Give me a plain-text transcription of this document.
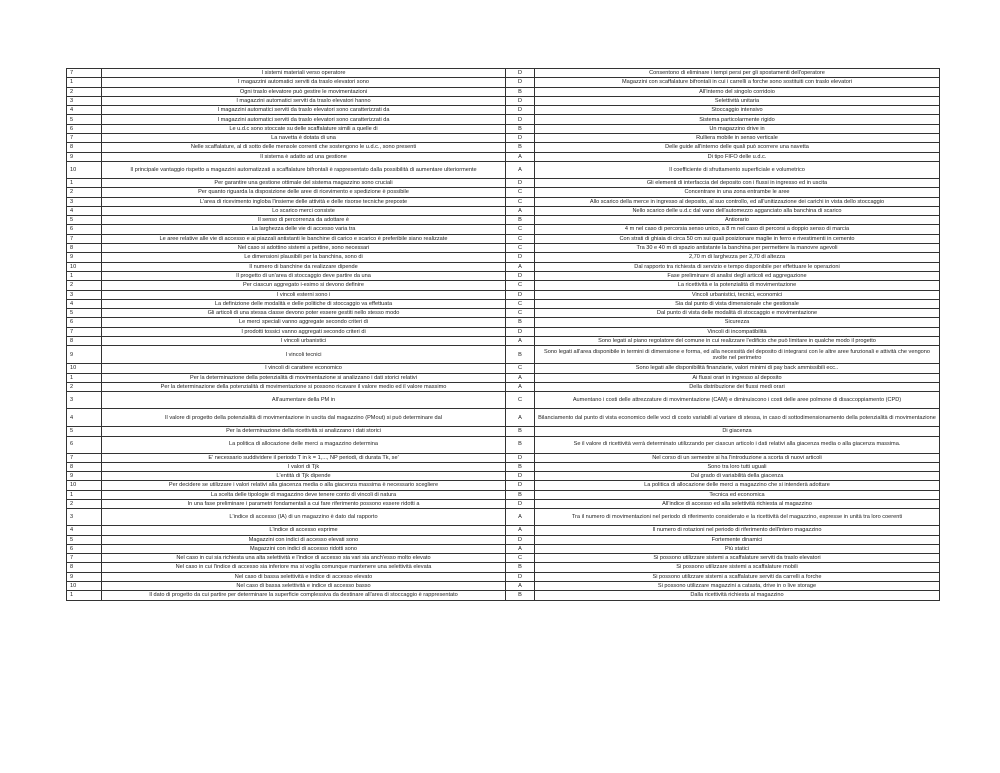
7	I sistemi materiali verso operatore	D	Consentono di eliminare i tempi persi per gli spostamenti dell'operatore
1	I magazzini automatici serviti da traslo elevatori sono	D	Magazzini con scaffalature bifrontali in cui i carrelli a forche sono sostituiti con traslo elevatori
2	Ogni traslo elevatore può gestire le movimentazioni	B	All'interno del singolo corridoio
3	I magazzini automatici serviti da traslo elevatori hanno	D	Selettività unitaria
4	I magazzini automatici serviti da traslo elevatori sono caratterizzati da	D	Stoccaggio intensivo
5	I magazzini automatici serviti da traslo elevatori sono caratterizzati da	D	Sistema particolarmente rigido
6	Le u.d.c sono stoccate su delle scaffalature simili a quelle di	B	Un magazzino drive in
7	La navetta è dotata di una	D	Rulliera mobile in senso verticale
8	Nelle scaffalature, al di sotto delle mensole correnti che sostengono le u.d.c., sono presenti	B	Delle guide all'interno delle quali può scorrere una navetta
9	Il sistema è adatto ad una gestione	A	Di tipo FIFO delle u.d.c.
10	Il principale vantaggio rispetto a magazzini automatizzati a scaffalature bifrontali è rappresentato dalla possibilità di aumentare ulteriormente	A	Il coefficiente di sfruttamento superficiale e volumetrico
1	Per garantire una gestione ottimale del sistema magazzino sono cruciali	D	Gli elementi di interfaccia del deposito con i flussi in ingresso ed in uscita
2	Per quanto riguarda la disposizione delle aree di ricevimento e spedizione è possibile	C	Concentrare in una zona entrambe le aree
3	L'area di ricevimento ingloba l'insieme delle attività e delle risorse tecniche preposte	C	Allo scarico della merce in ingresso al deposito, al suo controllo, ed all'unitizzazione dei carichi in vista dello stoccaggio
4	Lo scarico merci consiste	A	Nello scarico delle u.d.c dal vano dell'automezzo agganciato alla banchina di scarico
5	Il senso di percorrenza da adottare è	B	Antiorario
6	La larghezza delle vie di accesso varia tra	C	4 m nel caso di percorsia senso unico, a 8 m nel caso di percorsi a doppio senso di marcia
7	Le aree relative alle vie di accesso e ai piazzali antistanti le banchine di carico e scarico è preferibile siano realizzate	C	Con strati di ghiaia di circa 50 cm sui quali posizionare maglie in ferro e rivestimenti in cemento
8	Nel caso si adottino sistemi a pettine, sono necessari	C	Tra 30 e 40 m di spazio antistante la banchina per permettere la manovre agevoli
9	Le dimensioni plausibili per la banchina, sono di	D	2,70 m di larghezza per 2,70 di altezza
10	Il numero di banchine da realizzare dipende	A	Dal rapporto tra richiesta di servizio e tempo disponibile per effettuare le operazioni
1	Il progetto di un'area di stoccaggio deve partire da una	D	Fase preliminare di analisi degli articoli ed aggregazione
2	Per ciascun aggregato i-esimo si devono definire	C	La ricettività e la potenzialità di movimentazione
3	I vincoli esterni sono i	D	Vincoli urbanistici, tecnici, economici
4	La definizione delle modalità e delle politiche di stoccaggio va effettuata	C	Sia dal punto di vista dimensionale che gestionale
5	Gli articoli di una stessa classe devono poter essere gestiti nello stesso modo	C	Dal punto di vista delle modalità di stoccaggio e movimentazione
6	Le merci speciali vanno aggregate secondo criteri di	B	Sicurezza
7	I prodotti tossici vanno aggregati secondo criteri di	D	Vincoli di incompatibilità
8	I vincoli urbanistici	A	Sono legati al piano regolatore del comune in cui realizzare l'edificio che può limitare in qualche modo il progetto
9	I vincoli tecnici	B	Sono legati all'area disponibile in termini di dimensione e forma, ed alla necessità del deposito di integrarsi con le altre aree funzionali e attività che vengono svolte nel perimetro
10	I vincoli di carattere economico	C	Sono legati alle disponibilità finanziarie, valori minimi di pay back ammissibili ecc..
1	Per la determinazione della potenzialità di movimentazione si analizzano i dati storici relativi	A	Ai flussi orari in ingresso al deposito
2	Per la determinazione della potenzialità di movimentazione si possono ricavare il valore medio ed il valore massimo	A	Della distribuzione dei flussi medi orari
3	All'aumentare della PM in	C	Aumentano i costi delle attrezzature di movimentazione (CAM) e diminuiscono i costi delle aree polmone di disaccoppiamento (CPD)
4	Il valore di progetto della potenzialità di movimentazione in uscita dal magazzino (PMout) si può determinare dal	A	Bilanciamento dal punto di vista economico delle voci di costo variabili al variare di stessa, in caso di sottodimensionamento della potenzialità di movimentazione
5	Per la determinazione della ricettività si analizzano i dati storici	B	Di giacenza
6	La politica di allocazione delle merci a magazzino determina	B	Se il valore di ricettività verrà determinato utilizzando per ciascun articolo i dati relativi alla giacenza media o alla giacenza massima.
7	E' necessario suddividere il periodo T in k = 1,..., NP periodi, di durata Tk, se'	D	Nel corso di un semestre si ha l'introduzione a scorta di nuovi articoli
8	I valori di Tjk	B	Sono tra loro tutti uguali
9	L'entità di Tjk dipende	D	Dal grado di variabilità della giacenza
10	Per decidere se utilizzare i valori relativi alla giacenza media o alla giacenza massima è necessario scegliere	D	La politica di allocazione delle merci a magazzino che si intenderà adottare
1	La scelta delle tipologie di magazzino deve tenere conto di vincoli di natura	B	Tecnica ed economica
2	In una fase preliminare i parametri fondamentali a cui fare riferimento possono essere ridotti a	D	All'indice di accesso ed alla selettività richiesta al magazzino
3	L'indice di accesso (IA) di un magazzino è dato dal rapporto	A	Tra il numero di movimentazioni nel periodo di riferimento considerato e la ricettività del magazzino, espresse in unità tra loro coerenti
4	L'indice di accesso esprime	A	Il numero di rotazioni nel periodo di riferimento dell'intero magazzino
5	Magazzini con indici di accesso elevati sono	D	Fortemente dinamici
6	Magazzini con indici di accesso ridotti sono	A	Più statici
7	Nel caso in cui sia richiesta una alta selettività e l'indice di accesso sia vari sia anch'esso molto elevato	C	Si possono utilizzare sistemi a scaffalature serviti da traslo elevatori
8	Nel caso in cui l'indice di accesso sia inferiore ma si voglia comunque mantenere una selettività elevata	B	Si possono utilizzare sistemi a scaffalature mobili
9	Nel caso di bassa selettività e indice di accesso elevato	D	Si possono utilizzare sistemi a scaffalature serviti da carrelli a forche
10	Nel caso di bassa selettività e indice di accesso basso	A	Si possono utilizzare magazzini a catasta, drive in o live storage
1	Il dato di progetto da cui partire per determinare la superficie complessiva da destinare all'area di stoccaggio è rappresentato	B	Dalla ricettività richiesta al magazzino
